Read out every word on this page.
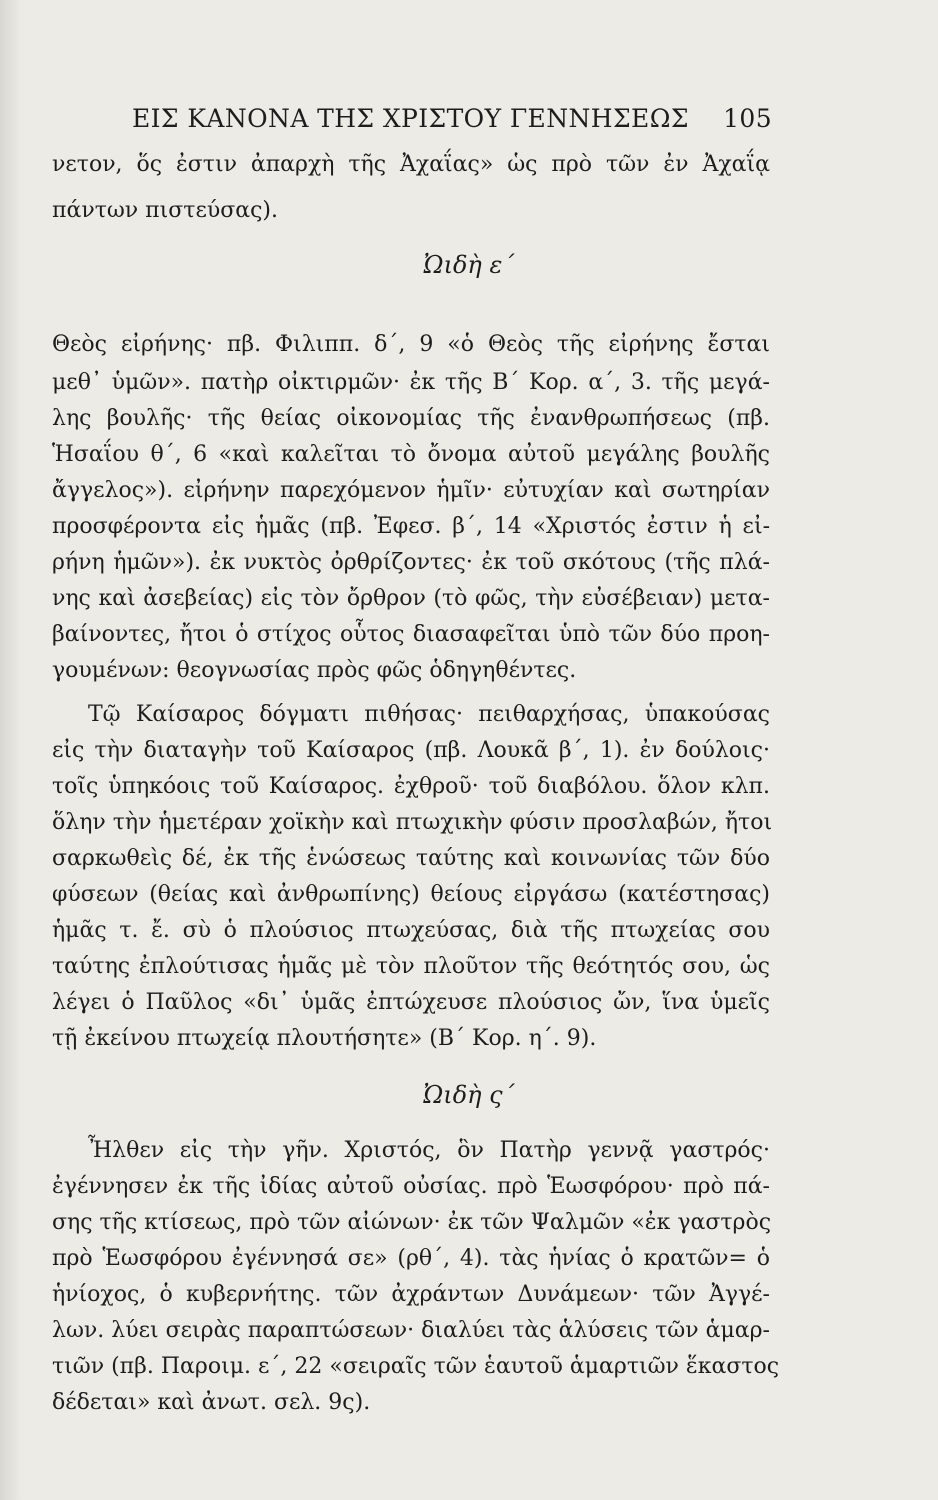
ΕΙΣ ΚΑΝΟΝΑ ΤΗΣ ΧΡΙΣΤΟΥ ΓΕΝΝΗΣΕΩΣ 105
νετον, ὅς ἐστιν ἀπαρχὴ τῆς Ἀχαΐας» ὡς πρὸ τῶν ἐν Ἀχαΐᾳ
πάντων πιστεύσας).
Ὠιδὴ ε΄
Θεὸς εἰρήνης· πβ. Φιλιππ. δ΄, 9 «ὁ Θεὸς τῆς εἰρήνης ἔσται
μεθ᾽ ὑμῶν». πατὴρ οἰκτιρμῶν· ἐκ τῆς Β΄ Κορ. α΄, 3. τῆς μεγά-
λης βουλῆς· τῆς θείας οἰκονομίας τῆς ἐνανθρωπήσεως (πβ.
Ἡσαΐου θ΄, 6 «καὶ καλεῖται τὸ ὄνομα αὐτοῦ μεγάλης βουλῆς
ἄγγελος»). εἰρήνην παρεχόμενον ἡμῖν· εὐτυχίαν καὶ σωτηρίαν
προσφέροντα εἰς ἡμᾶς (πβ. Ἐφεσ. β΄, 14 «Χριστός ἐστιν ἡ εἰ-
ρήνη ἡμῶν»). ἐκ νυκτὸς ὀρθρίζοντες· ἐκ τοῦ σκότους (τῆς πλά-
νης καὶ ἀσεβείας) εἰς τὸν ὄρθρον (τὸ φῶς, τὴν εὐσέβειαν) μετα-
βαίνοντες, ἤτοι ὁ στίχος οὗτος διασαφεῖται ὑπὸ τῶν δύο προη-
γουμένων: θεογνωσίας πρὸς φῶς ὁδηγηθέντες.
Τῷ Καίσαρος δόγματι πιθήσας· πειθαρχήσας, ὑπακούσας
εἰς τὴν διαταγὴν τοῦ Καίσαρος (πβ. Λουκᾶ β΄, 1). ἐν δούλοις·
τοῖς ὑπηκόοις τοῦ Καίσαρος. ἐχθροῦ· τοῦ διαβόλου. ὅλον κλπ.
ὅλην τὴν ἡμετέραν χοϊκὴν καὶ πτωχικὴν φύσιν προσλαβών, ἤτοι
σαρκωθεὶς δέ, ἐκ τῆς ἑνώσεως ταύτης καὶ κοινωνίας τῶν δύο
φύσεων (θείας καὶ ἀνθρωπίνης) θείους εἰργάσω (κατέστησας)
ἡμᾶς τ. ἔ. σὺ ὁ πλούσιος πτωχεύσας, διὰ τῆς πτωχείας σου
ταύτης ἐπλούτισας ἡμᾶς μὲ τὸν πλοῦτον τῆς θεότητός σου, ὡς
λέγει ὁ Παῦλος «δι᾽ ὑμᾶς ἐπτώχευσε πλούσιος ὤν, ἵνα ὑμεῖς
τῇ ἐκείνου πτωχείᾳ πλουτήσητε» (Β΄ Κορ. η΄. 9).
Ὠιδὴ ς΄
Ἦλθεν εἰς τὴν γῆν. Χριστός, ὃν Πατὴρ γεννᾷ γαστρός·
ἐγέννησεν ἐκ τῆς ἰδίας αὐτοῦ οὐσίας. πρὸ Ἑωσφόρου· πρὸ πά-
σης τῆς κτίσεως, πρὸ τῶν αἰώνων· ἐκ τῶν Ψαλμῶν «ἐκ γαστρὸς
πρὸ Ἑωσφόρου ἐγέννησά σε» (ρθ΄, 4). τὰς ἡνίας ὁ κρατῶν= ὁ
ἡνίοχος, ὁ κυβερνήτης. τῶν ἀχράντων Δυνάμεων· τῶν Ἀγγέ-
λων. λύει σειρὰς παραπτώσεων· διαλύει τὰς ἁλύσεις τῶν ἁμαρ-
τιῶν (πβ. Παροιμ. ε΄, 22 «σειραῖς τῶν ἑαυτοῦ ἁμαρτιῶν ἕκαστος
δέδεται» καὶ ἀνωτ. σελ. 9ς).
